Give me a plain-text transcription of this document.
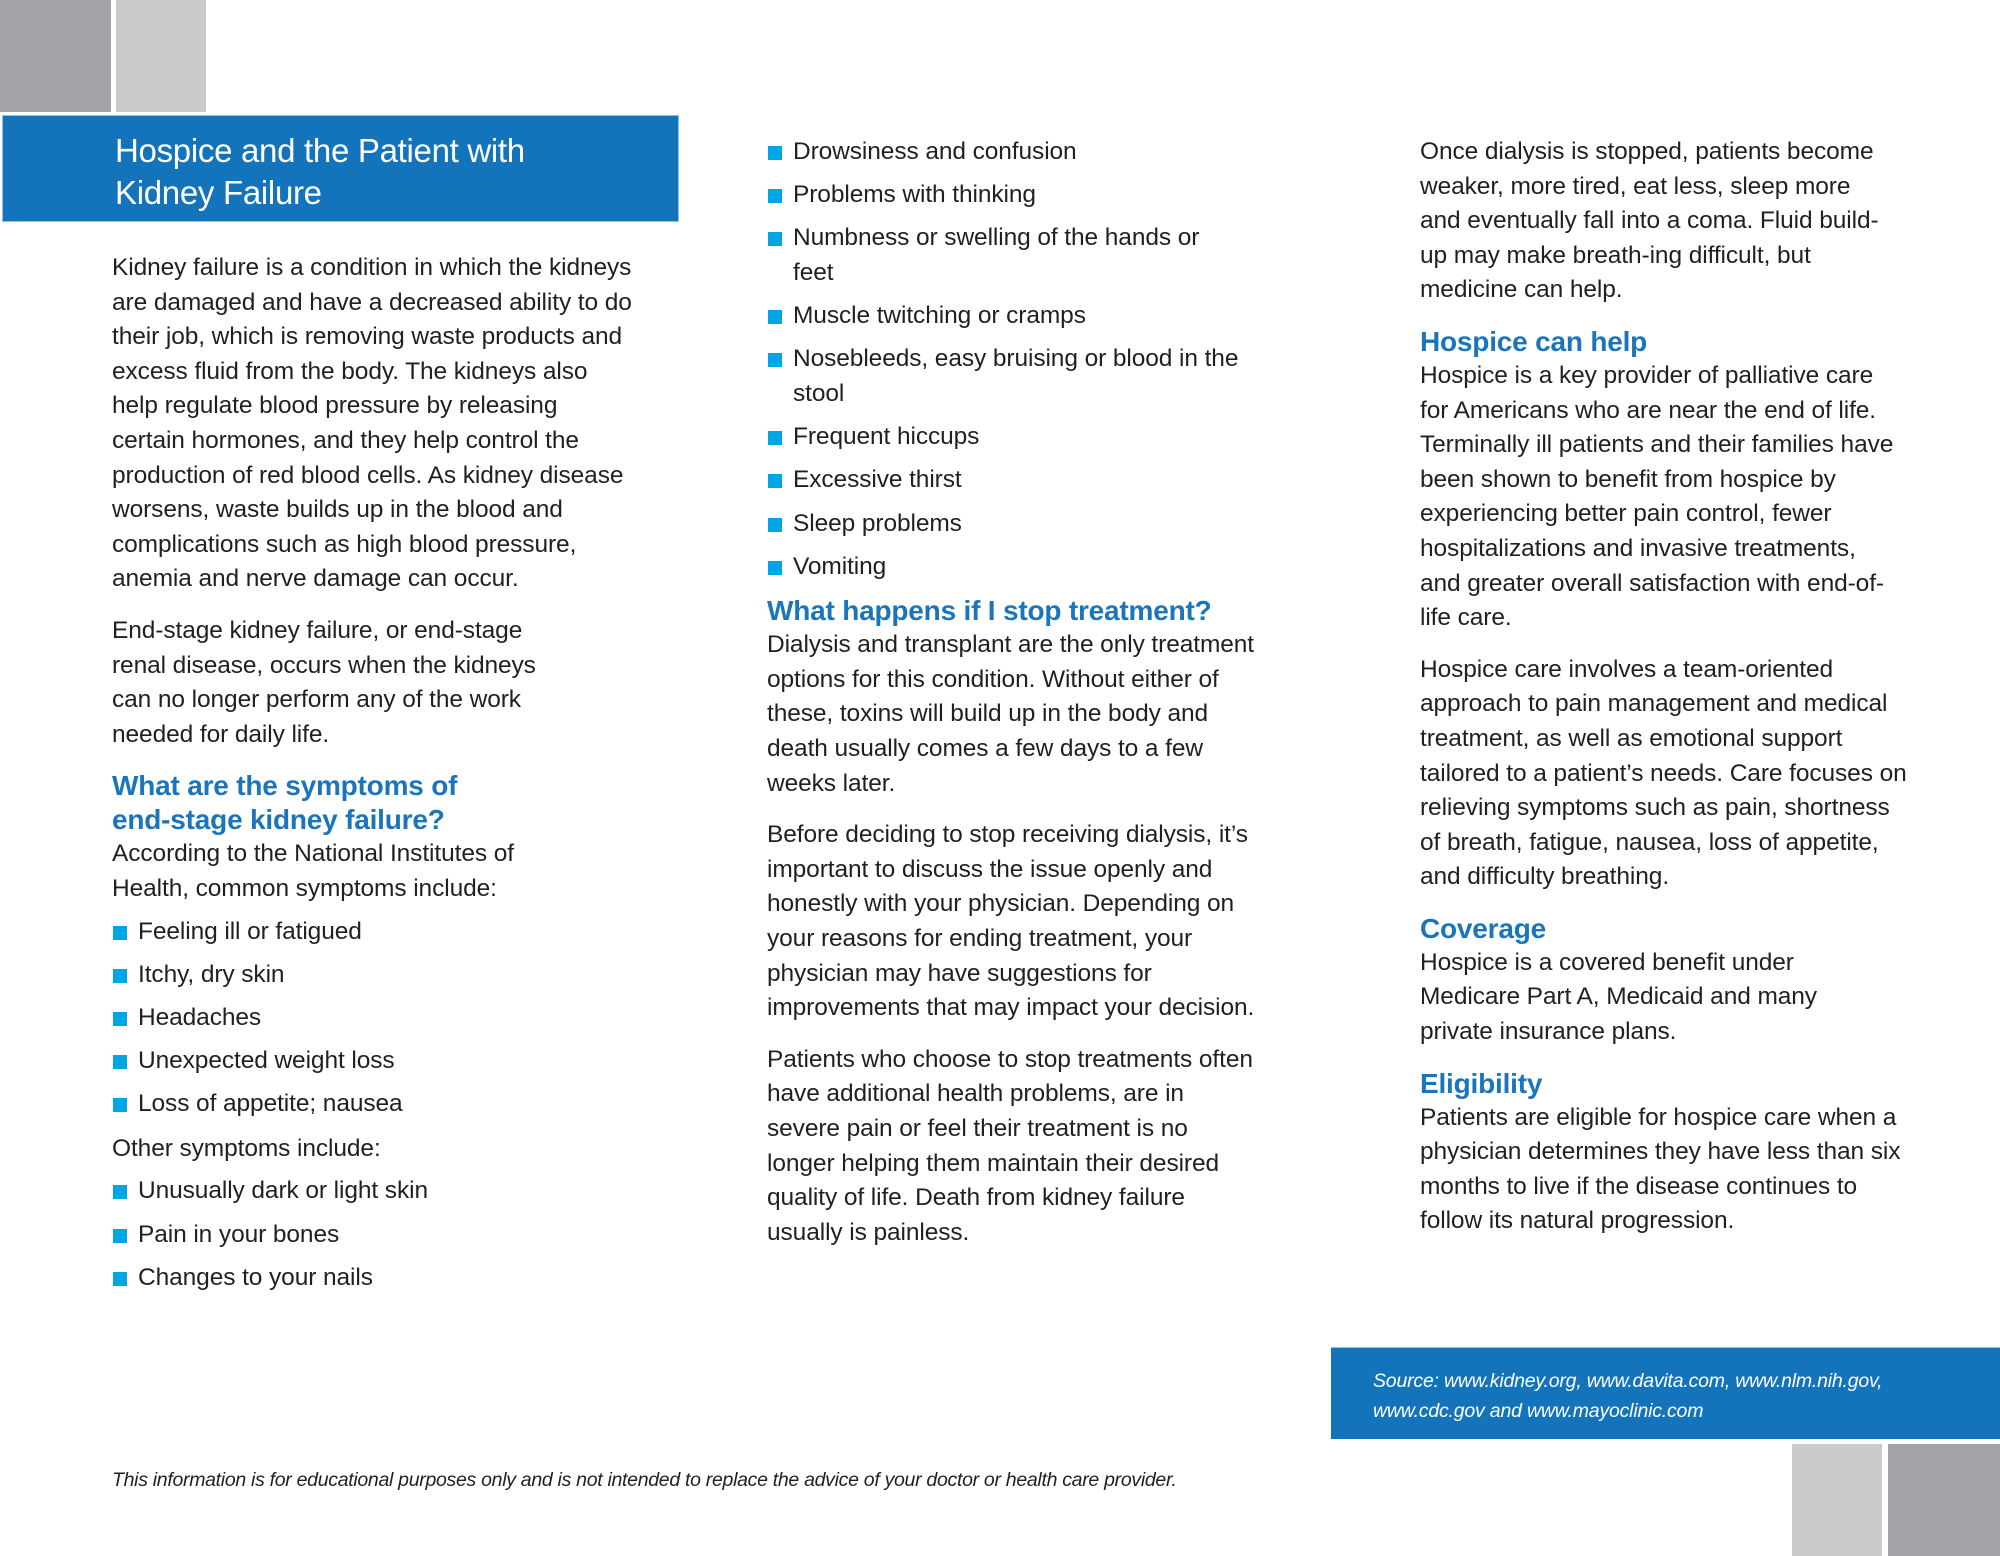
Hospice and the Patient with
Kidney Failure

Kidney failure is a condition in which the kidneys are damaged and have a decreased ability to do their job, which is removing waste products and excess fluid from the body. The kidneys also help regulate blood pressure by releasing certain hormones, and they help control the production of red blood cells. As kidney disease worsens, waste builds up in the blood and complications such as high blood pressure, anemia and nerve damage can occur.

End-stage kidney failure, or end-stage renal disease, occurs when the kidneys can no longer perform any of the work needed for daily life.

What are the symptoms of end-stage kidney failure?

According to the National Institutes of Health, common symptoms include:

Feeling ill or fatigued
Itchy, dry skin
Headaches
Unexpected weight loss
Loss of appetite; nausea

Other symptoms include:

Unusually dark or light skin
Pain in your bones
Changes to your nails
Drowsiness and confusion
Problems with thinking
Numbness or swelling of the hands or feet
Muscle twitching or cramps
Nosebleeds, easy bruising or blood in the stool
Frequent hiccups
Excessive thirst
Sleep problems
Vomiting
What happens if I stop treatment?

Dialysis and transplant are the only treatment options for this condition. Without either of these, toxins will build up in the body and death usually comes a few days to a few weeks later.

Before deciding to stop receiving dialysis, it’s important to discuss the issue openly and honestly with your physician. Depending on your reasons for ending treatment, your physician may have suggestions for improvements that may impact your decision.

Patients who choose to stop treatments often have additional health problems, are in severe pain or feel their treatment is no longer helping them maintain their desired quality of life. Death from kidney failure usually is painless.

Once dialysis is stopped, patients become weaker, more tired, eat less, sleep more and eventually fall into a coma. Fluid build-up may make breath-ing difficult, but medicine can help.

Hospice can help

Hospice is a key provider of palliative care for Americans who are near the end of life. Terminally ill patients and their families have been shown to benefit from hospice by experiencing better pain control, fewer hospitalizations and invasive treatments, and greater overall satisfaction with end-of-life care.

Hospice care involves a team-oriented approach to pain management and medical treatment, as well as emotional support tailored to a patient’s needs. Care focuses on relieving symptoms such as pain, shortness of breath, fatigue, nausea, loss of appetite, and difficulty breathing.

Coverage

Hospice is a covered benefit under Medicare Part A, Medicaid and many private insurance plans.

Eligibility

Patients are eligible for hospice care when a physician determines they have less than six months to live if the disease continues to follow its natural progression.

Source: www.kidney.org, www.davita.com, www.nlm.nih.gov,
www.cdc.gov and www.mayoclinic.com
This information is for educational purposes only and is not intended to replace the advice of your doctor or health care provider.
